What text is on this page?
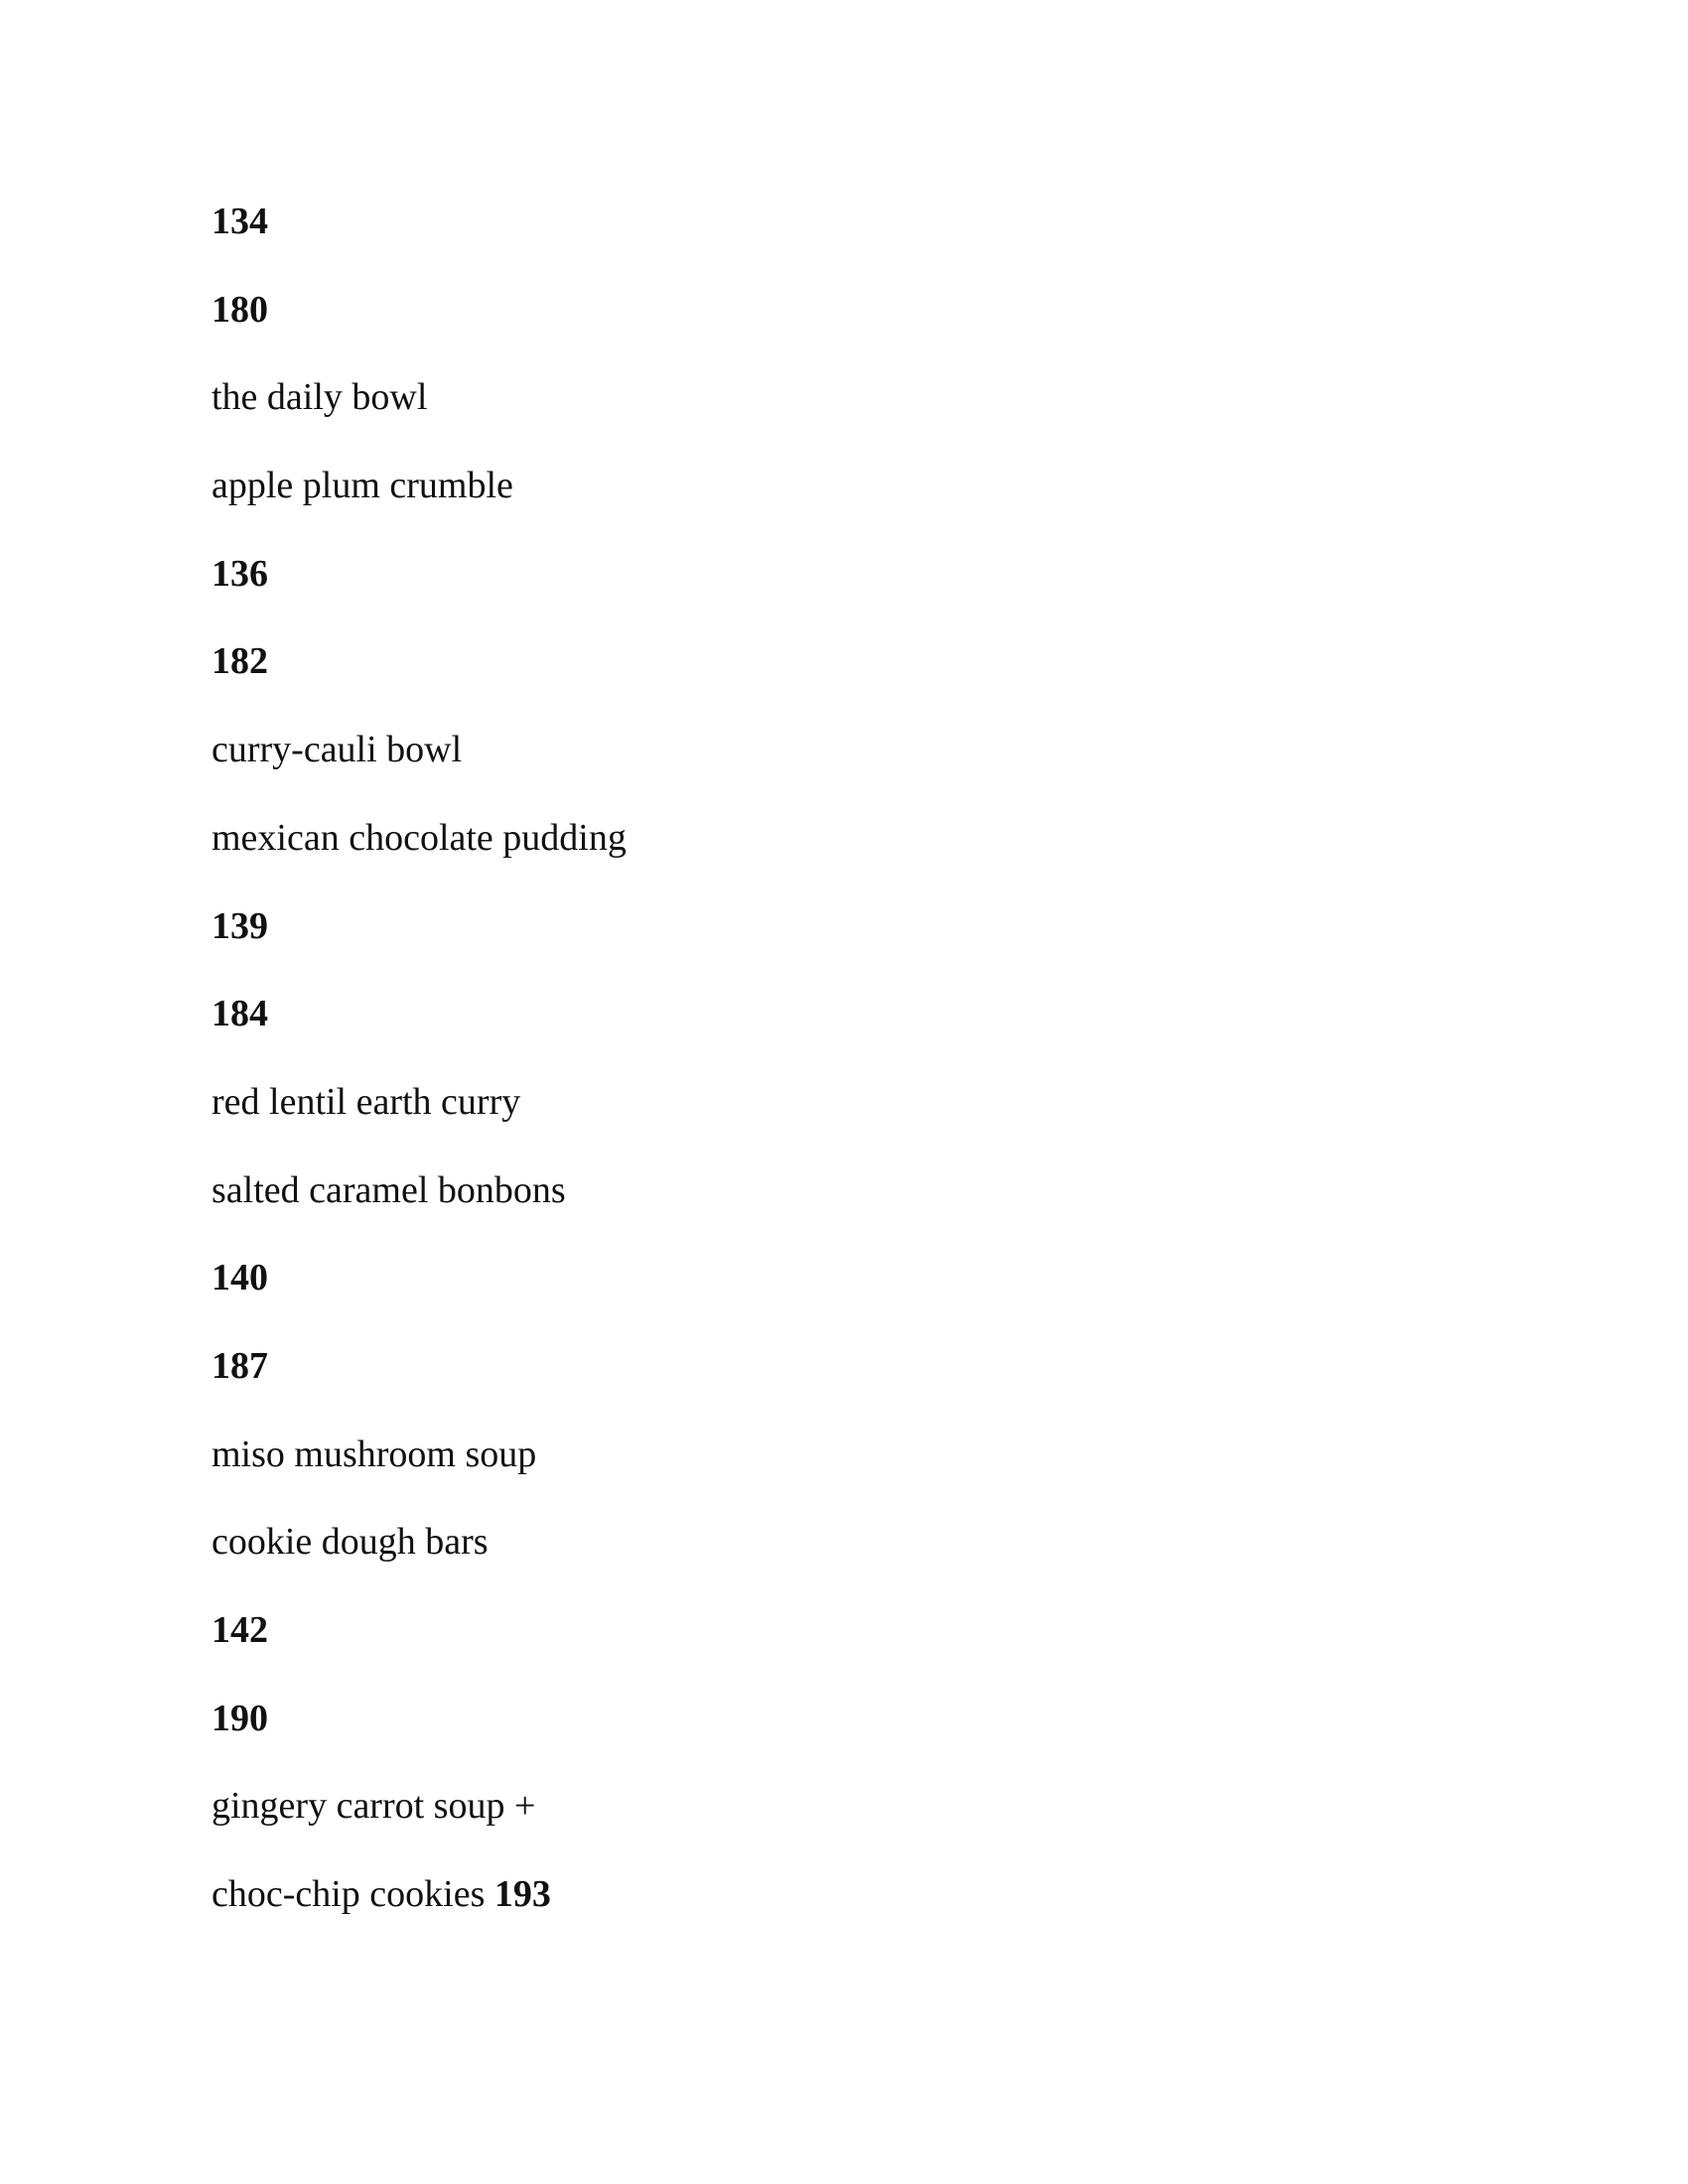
134
180
the daily bowl
apple plum crumble
136
182
curry-cauli bowl
mexican chocolate pudding
139
184
red lentil earth curry
salted caramel bonbons
140
187
miso mushroom soup
cookie dough bars
142
190
gingery carrot soup +
choc-chip cookies 193
